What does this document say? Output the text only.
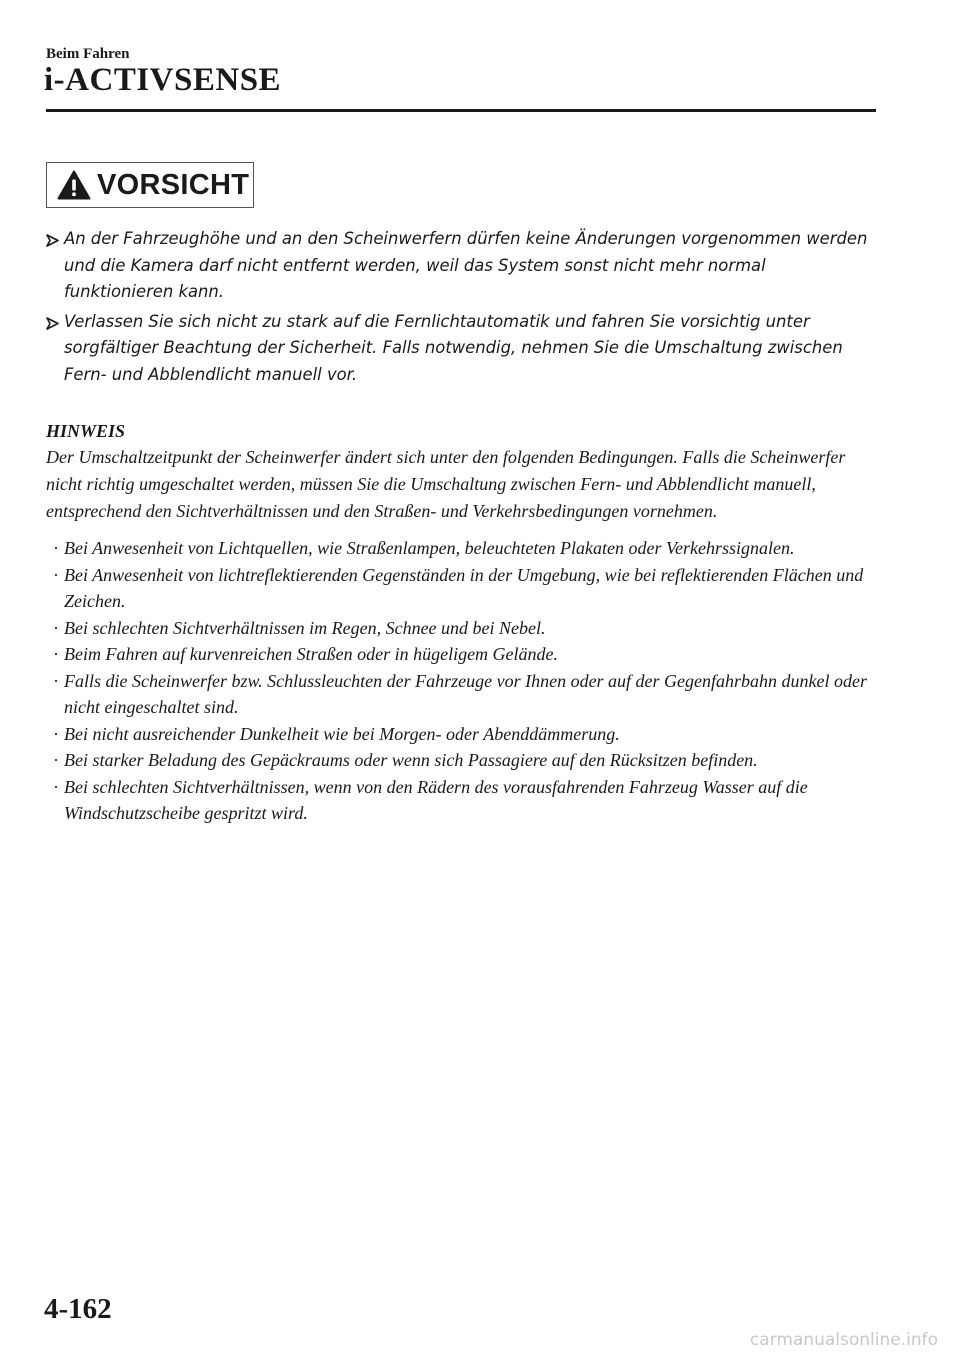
Beim Fahren
i-ACTIVSENSE
VORSICHT
An der Fahrzeughöhe und an den Scheinwerfern dürfen keine Änderungen vorgenommen werden und die Kamera darf nicht entfernt werden, weil das System sonst nicht mehr normal funktionieren kann.
Verlassen Sie sich nicht zu stark auf die Fernlichtautomatik und fahren Sie vorsichtig unter sorgfältiger Beachtung der Sicherheit. Falls notwendig, nehmen Sie die Umschaltung zwischen Fern- und Abblendlicht manuell vor.
HINWEIS

Der Umschaltzeitpunkt der Scheinwerfer ändert sich unter den folgenden Bedingungen. Falls die Scheinwerfer nicht richtig umgeschaltet werden, müssen Sie die Umschaltung zwischen Fern- und Abblendlicht manuell, entsprechend den Sichtverhältnissen und den Straßen- und Verkehrsbedingungen vornehmen.

· Bei Anwesenheit von Lichtquellen, wie Straßenlampen, beleuchteten Plakaten oder Verkehrssignalen.
· Bei Anwesenheit von lichtreflektierenden Gegenständen in der Umgebung, wie bei reflektierenden Flächen und Zeichen.
· Bei schlechten Sichtverhältnissen im Regen, Schnee und bei Nebel.
· Beim Fahren auf kurvenreichen Straßen oder in hügeligem Gelände.
· Falls die Scheinwerfer bzw. Schlussleuchten der Fahrzeuge vor Ihnen oder auf der Gegenfahrbahn dunkel oder nicht eingeschaltet sind.
· Bei nicht ausreichender Dunkelheit wie bei Morgen- oder Abenddämmerung.
· Bei starker Beladung des Gepäckraums oder wenn sich Passagiere auf den Rücksitzen befinden.
· Bei schlechten Sichtverhältnissen, wenn von den Rädern des vorausfahrenden Fahrzeug Wasser auf die Windschutzscheibe gespritzt wird.
4-162
carmanualsonline.info
